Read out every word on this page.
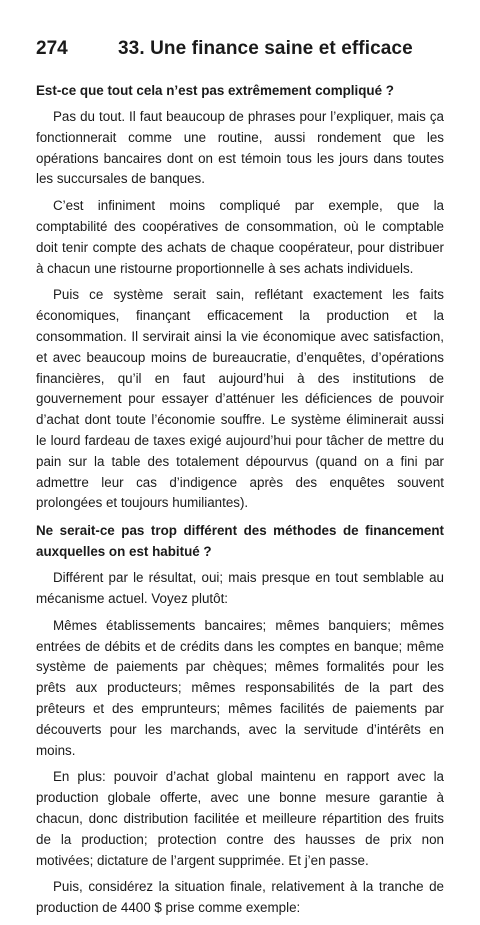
274	33. Une finance saine et efficace

Est-ce que tout cela n’est pas extrêmement compliqué ?

Pas du tout. Il faut beaucoup de phrases pour l’expliquer, mais ça fonctionnerait comme une routine, aussi rondement que les opérations bancaires dont on est témoin tous les jours dans toutes les succursales de banques.

C’est infiniment moins compliqué par exemple, que la comptabilité des coopératives de consommation, où le comptable doit tenir compte des achats de chaque coopérateur, pour distribuer à chacun une ristourne proportionnelle à ses achats individuels.

Puis ce système serait sain, reflétant exactement les faits économiques, finançant efficacement la production et la consommation. Il servirait ainsi la vie économique avec satisfaction, et avec beaucoup moins de bureaucratie, d’enquêtes, d’opérations financières, qu’il en faut aujourd’hui à des institutions de gouvernement pour essayer d’atténuer les déficiences de pouvoir d’achat dont toute l’économie souffre. Le système éliminerait aussi le lourd fardeau de taxes exigé aujourd’hui pour tâcher de mettre du pain sur la table des totalement dépourvus (quand on a fini par admettre leur cas d’indigence après des enquêtes souvent prolongées et toujours humiliantes).

Ne serait-ce pas trop différent des méthodes de financement auxquelles on est habitué ?

Différent par le résultat, oui; mais presque en tout semblable au mécanisme actuel. Voyez plutôt:

Mêmes établissements bancaires; mêmes banquiers; mêmes entrées de débits et de crédits dans les comptes en banque; même système de paiements par chèques; mêmes formalités pour les prêts aux producteurs; mêmes responsabilités de la part des prêteurs et des emprunteurs; mêmes facilités de paiements par découverts pour les marchands, avec la servitude d’intérêts en moins.

En plus: pouvoir d’achat global maintenu en rapport avec la production globale offerte, avec une bonne mesure garantie à chacun, donc distribution facilitée et meilleure répartition des fruits de la production; protection contre des hausses de prix non motivées; dictature de l’argent supprimée. Et j’en passe.

Puis, considérez la situation finale, relativement à la tranche de production de 4400 $ prise comme exemple:
